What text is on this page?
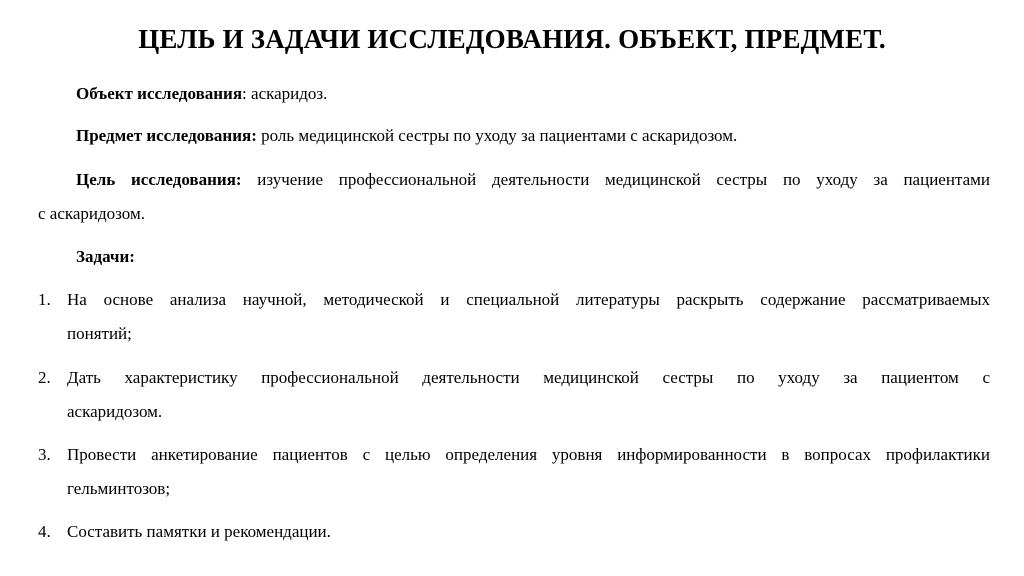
ЦЕЛЬ И ЗАДАЧИ ИССЛЕДОВАНИЯ. ОБЪЕКТ, ПРЕДМЕТ.
Объект исследования: аскаридоз.
Предмет исследования: роль медицинской сестры по уходу за пациентами с аскаридозом.
Цель исследования: изучение профессиональной деятельности медицинской сестры по уходу за пациентами
с аскаридозом.
Задачи:
1. На основе анализа научной, методической и специальной литературы раскрыть содержание рассматриваемых
понятий;
2. Дать характеристику профессиональной деятельности медицинской сестры по уходу за пациентом с
аскаридозом.
3. Провести анкетирование пациентов с целью определения уровня информированности в вопросах профилактики
гельминтозов;
4. Составить памятки и рекомендации.
